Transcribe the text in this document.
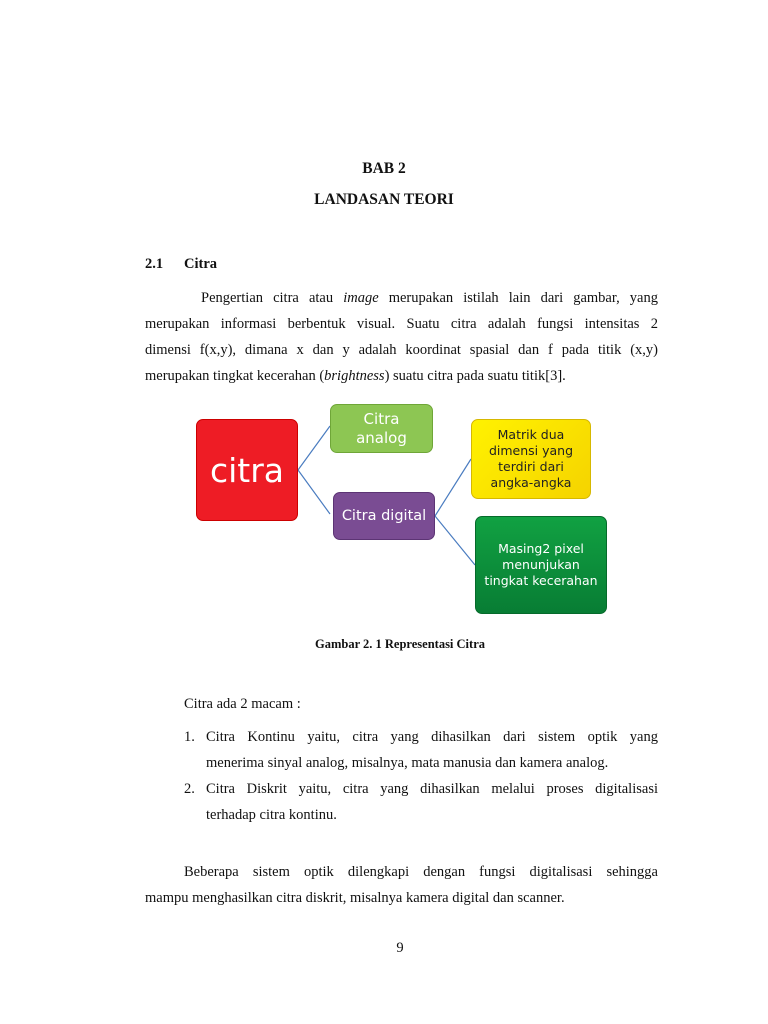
BAB 2
LANDASAN TEORI
2.1 Citra
Pengertian citra atau image merupakan istilah lain dari gambar, yang
merupakan informasi berbentuk visual. Suatu citra adalah fungsi intensitas 2
dimensi f(x,y), dimana x dan y adalah koordinat spasial dan f pada titik (x,y)
merupakan tingkat kecerahan (brightness) suatu citra pada suatu titik[3].
citra
Citra
analog
Citra digital
Matrik dua
dimensi yang
terdiri dari
angka-angka
Masing2 pixel
menunjukan
tingkat kecerahan
Gambar 2. 1 Representasi Citra
Citra ada 2 macam :
1. Citra Kontinu yaitu, citra yang dihasilkan dari sistem optik yang
menerima sinyal analog, misalnya, mata manusia dan kamera analog.
2. Citra Diskrit yaitu, citra yang dihasilkan melalui proses digitalisasi
terhadap citra kontinu.
Beberapa sistem optik dilengkapi dengan fungsi digitalisasi sehingga
mampu menghasilkan citra diskrit, misalnya kamera digital dan scanner.
9
